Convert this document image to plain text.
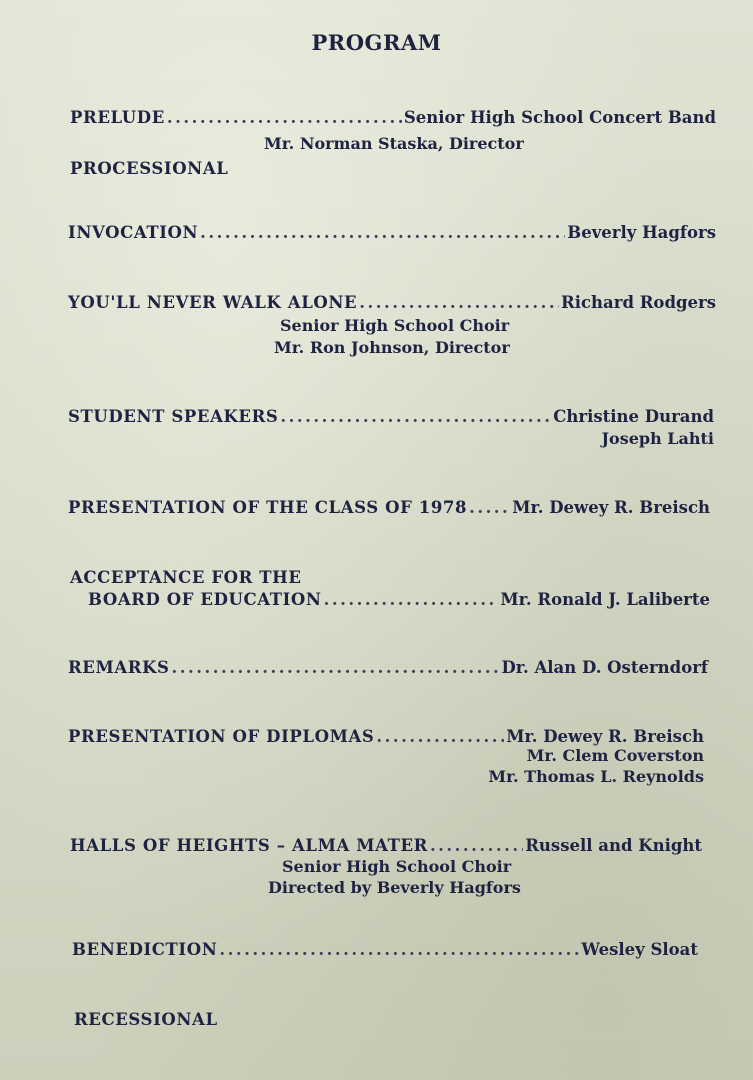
PROGRAM
PRELUDE .....	Senior High School Concert Band
Mr. Norman Staska, Director
PROCESSIONAL
INVOCATION .....	Beverly Hagfors
YOU'LL NEVER WALK ALONE .....	Richard Rodgers
Senior High School Choir
Mr. Ron Johnson, Director
STUDENT SPEAKERS .....	Christine Durand
Joseph Lahti
PRESENTATION OF THE CLASS OF 1978 .....	Mr. Dewey R. Breisch
ACCEPTANCE FOR THE
BOARD OF EDUCATION .....	Mr. Ronald J. Laliberte
REMARKS .....	Dr. Alan D. Osterndorf
PRESENTATION OF DIPLOMAS .....	Mr. Dewey R. Breisch
Mr. Clem Coverston
Mr. Thomas L. Reynolds
HALLS OF HEIGHTS – ALMA MATER .....	Russell and Knight
Senior High School Choir
Directed by Beverly Hagfors
BENEDICTION .....	Wesley Sloat
RECESSIONAL
